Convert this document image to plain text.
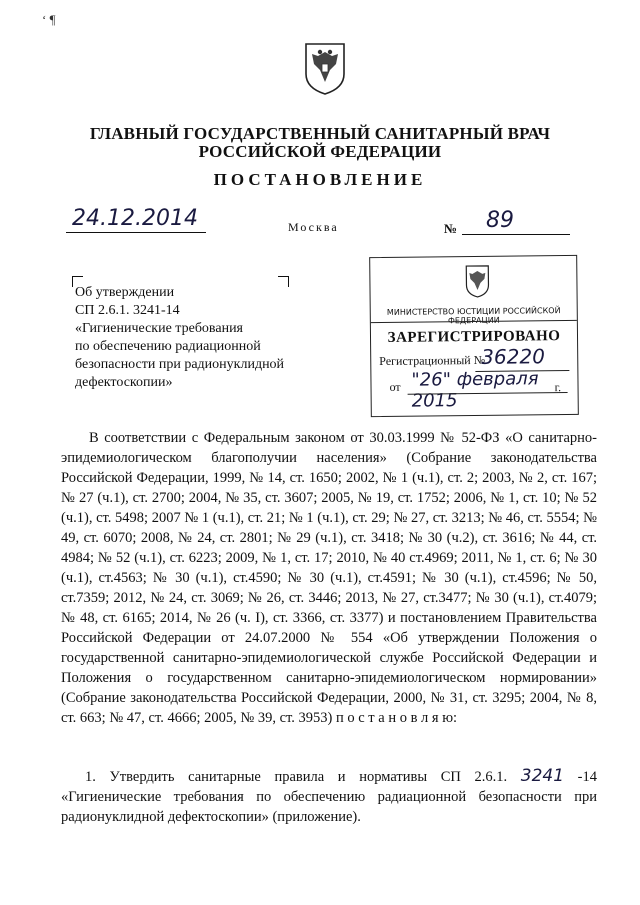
‘ ¶
ГЛАВНЫЙ ГОСУДАРСТВЕННЫЙ САНИТАРНЫЙ ВРАЧ
РОССИЙСКОЙ ФЕДЕРАЦИИ
ПОСТАНОВЛЕНИЕ
24.12.2014	Москва	№ 89
Об утверждении
СП 2.6.1. 3241-14
«Гигиенические требования
по обеспечению радиационной
безопасности при радионуклидной
дефектоскопии»
МИНИСТЕРСТВО ЮСТИЦИИ РОССИЙСКОЙ ФЕДЕРАЦИИ
ЗАРЕГИСТРИРОВАНО
Регистрационный №
36220
от "26" февраля 2015
г.
В соответствии с Федеральным законом от 30.03.1999 № 52-ФЗ «О санитарно-эпидемиологическом благополучии населения» (Собрание законодательства Российской Федерации, 1999, № 14, ст. 1650; 2002, № 1 (ч.1), ст. 2; 2003, № 2, ст. 167; № 27 (ч.1), ст. 2700; 2004, № 35, ст. 3607; 2005, № 19, ст. 1752; 2006, № 1, ст. 10; № 52 (ч.1), ст. 5498; 2007 № 1 (ч.1), ст. 21; № 1 (ч.1), ст. 29; № 27, ст. 3213; № 46, ст. 5554; № 49, ст. 6070; 2008, № 24, ст. 2801; № 29 (ч.1), ст. 3418; № 30 (ч.2), ст. 3616; № 44, ст. 4984; № 52 (ч.1), ст. 6223; 2009, № 1, ст. 17; 2010, № 40 ст.4969; 2011, № 1, ст. 6; № 30 (ч.1), ст.4563; № 30 (ч.1), ст.4590; № 30 (ч.1), ст.4591; № 30 (ч.1), ст.4596; № 50, ст.7359; 2012, № 24, ст. 3069; № 26, ст. 3446; 2013, № 27, ст.3477; № 30 (ч.1), ст.4079; № 48, ст. 6165; 2014, № 26 (ч. I), ст. 3366, ст. 3377) и постановлением Правительства Российской Федерации от 24.07.2000 № 554 «Об утверждении Положения о государственной санитарно-эпидемиологической службе Российской Федерации и Положения о государственном санитарно-эпидемиологическом нормировании» (Собрание законодательства Российской Федерации, 2000, № 31, ст. 3295; 2004, № 8, ст. 663; № 47, ст. 4666; 2005, № 39, ст. 3953) п о с т а н о в л я ю:
1. Утвердить санитарные правила и нормативы СП 2.6.1. 3241 -14 «Гигиенические требования по обеспечению радиационной безопасности при радионуклидной дефектоскопии» (приложение).
